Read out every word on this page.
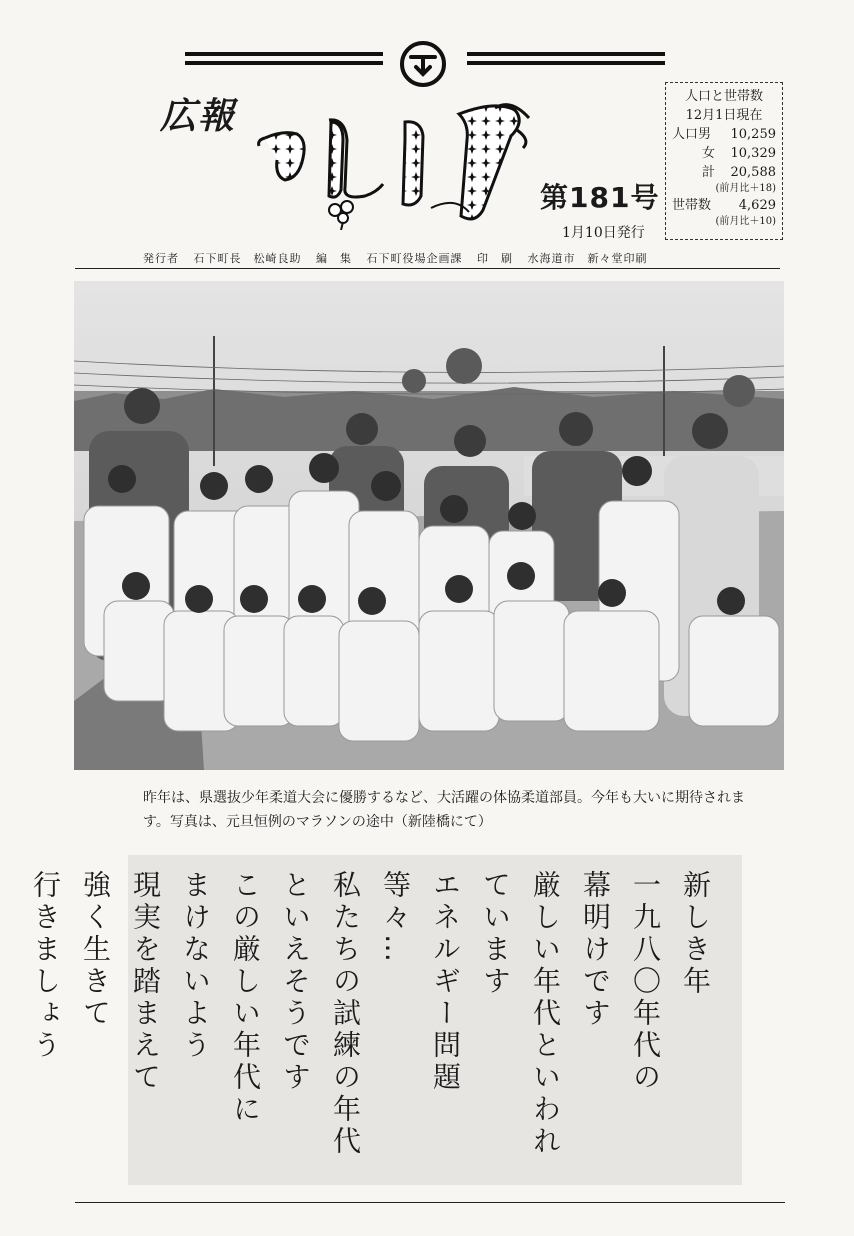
広報
第181号
1月10日発行
人口と世帯数
12月1日現在
人口男 10,259
女 10,329
計 20,588
(前月比＋18)
世帯数 4,629
(前月比＋10)
発行者 石下町長　松崎良助 編　集 石下町役場企画課 印　刷 水海道市　新々堂印刷
昨年は、県選抜少年柔道大会に優勝するなど、大活躍の体協柔道部員。今年も大いに期待されます。写真は、元旦恒例のマラソンの途中（新陸橋にて）
新しき年
一九八〇年代の
幕明けです
厳しい年代といわれ
ています
エネルギー問題等々…
私たちの試練の年代
といえそうです
この厳しい年代に
まけないよう
現実を踏まえて
強く生きて
行きましょう
